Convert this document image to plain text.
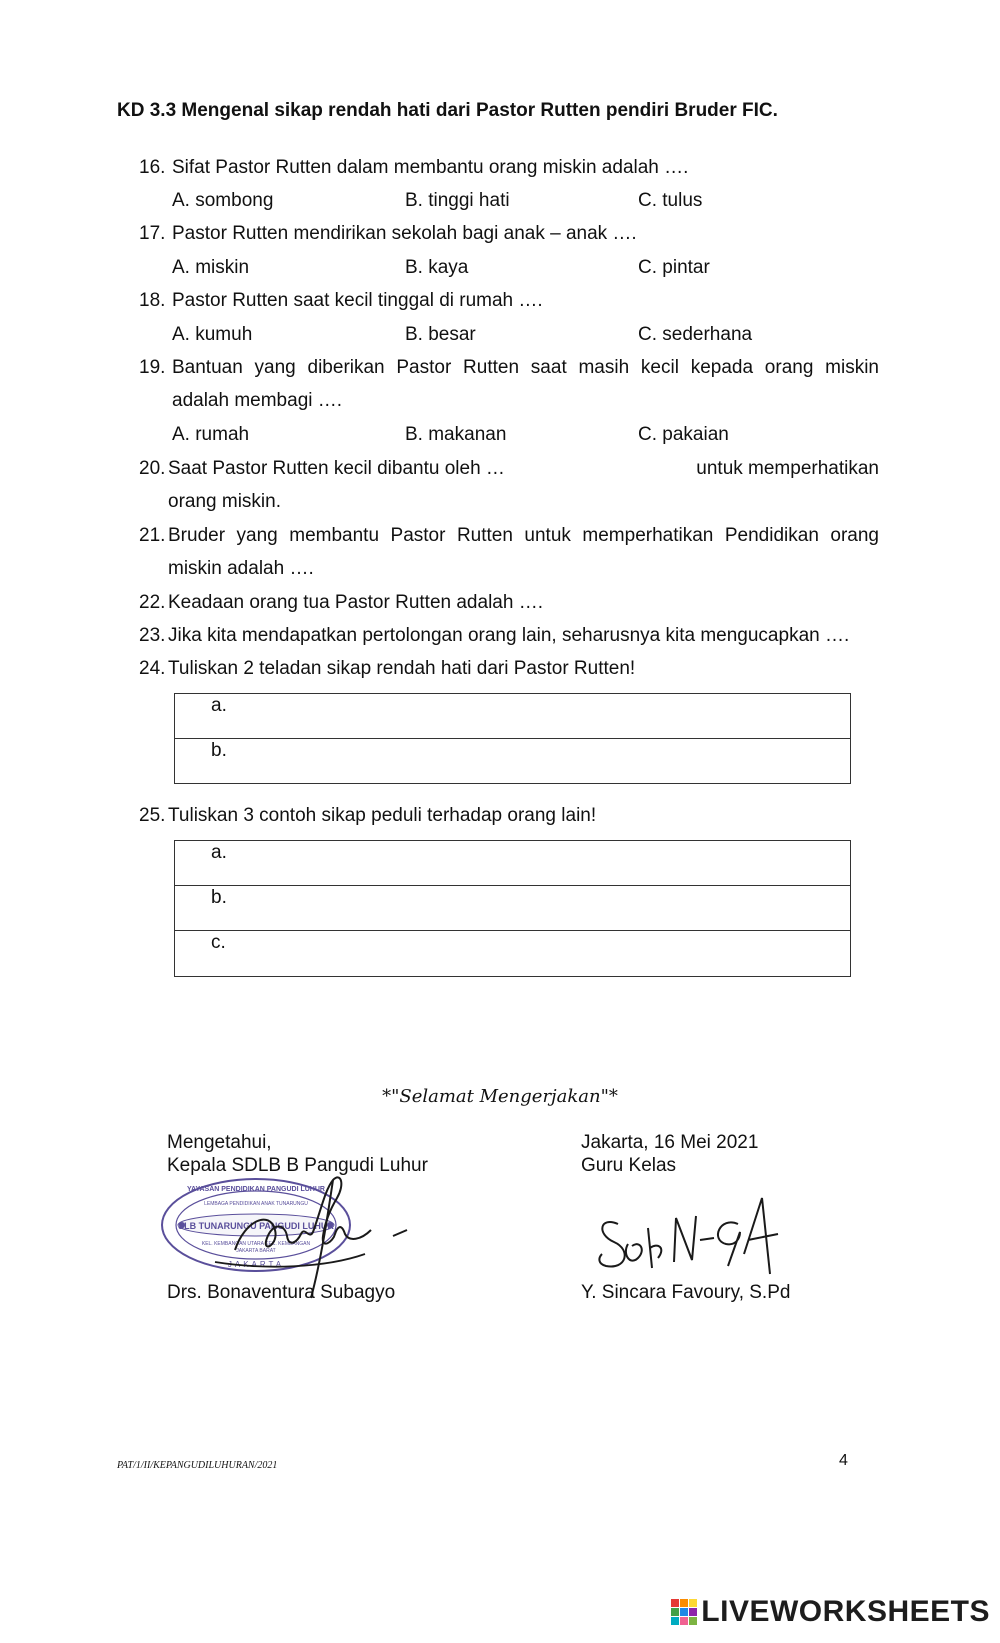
KD 3.3 Mengenal sikap rendah hati dari Pastor Rutten pendiri Bruder FIC.
16. Sifat Pastor Rutten dalam membantu orang miskin adalah ….
A. sombong	B. tinggi hati	C. tulus
17. Pastor Rutten mendirikan sekolah bagi anak – anak ….
A. miskin	B. kaya	C. pintar
18. Pastor Rutten saat kecil tinggal di rumah ….
A. kumuh	B. besar	C. sederhana
19. Bantuan yang diberikan Pastor Rutten saat masih kecil kepada orang miskin
adalah membagi ….
A. rumah	B. makanan	C. pakaian
20. Saat Pastor Rutten kecil dibantu oleh …	untuk memperhatikan
orang miskin.
21. Bruder yang membantu Pastor Rutten untuk memperhatikan Pendidikan orang
miskin adalah ….
22. Keadaan orang tua Pastor Rutten adalah ….
23. Jika kita mendapatkan pertolongan orang lain, seharusnya kita mengucapkan ….
24. Tuliskan 2 teladan sikap rendah hati dari Pastor Rutten!
a.
b.
25. Tuliskan 3 contoh sikap peduli terhadap orang lain!
a.
b.
c.
*"Selamat Mengerjakan"*
Mengetahui,
Kepala SDLB B Pangudi Luhur
Jakarta, 16 Mei 2021
Guru Kelas
YAYASAN PENDIDIKAN PANGUDI LUHUR
LEMBAGA PENDIDIKAN ANAK TUNARUNGU
SLB TUNARUNGU PANGUDI LUHUR
KEL. KEMBANGAN UTARA KEC. KEMBANGAN
JAKARTA BARAT
JAKARTA
Drs. Bonaventura Subagyo	Y. Sincara Favoury, S.Pd
PAT/1/II/KEPANGUDILUHURAN/2021	4
LIVEWORKSHEETS
